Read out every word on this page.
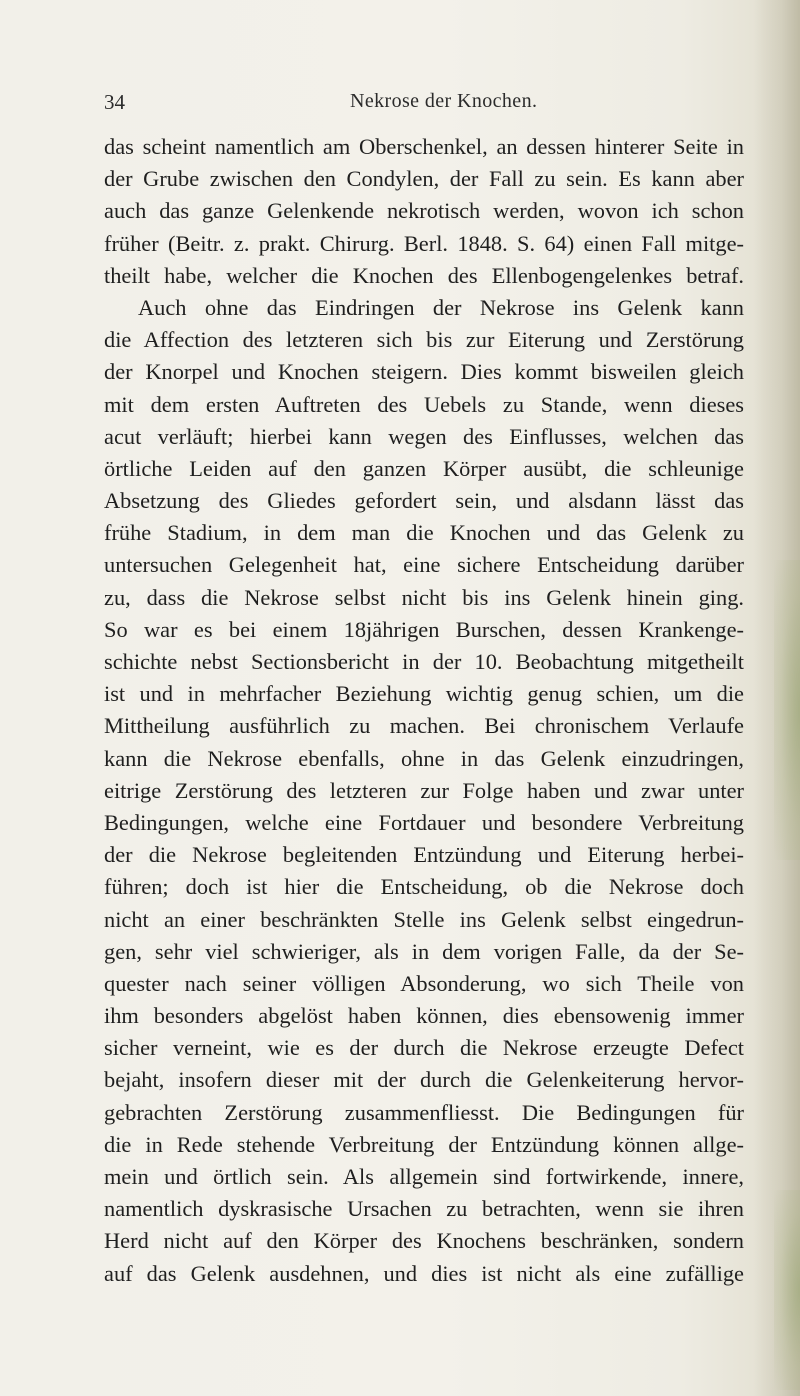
34	Nekrose der Knochen.
das scheint namentlich am Oberschenkel, an dessen hinterer Seite in
der Grube zwischen den Condylen, der Fall zu sein. Es kann aber
auch das ganze Gelenkende nekrotisch werden, wovon ich schon
früher (Beitr. z. prakt. Chirurg. Berl. 1848. S. 64) einen Fall mitge-
theilt habe, welcher die Knochen des Ellenbogengelenkes betraf.
Auch ohne das Eindringen der Nekrose ins Gelenk kann
die Affection des letzteren sich bis zur Eiterung und Zerstörung
der Knorpel und Knochen steigern. Dies kommt bisweilen gleich
mit dem ersten Auftreten des Uebels zu Stande, wenn dieses
acut verläuft; hierbei kann wegen des Einflusses, welchen das
örtliche Leiden auf den ganzen Körper ausübt, die schleunige
Absetzung des Gliedes gefordert sein, und alsdann lässt das
frühe Stadium, in dem man die Knochen und das Gelenk zu
untersuchen Gelegenheit hat, eine sichere Entscheidung darüber
zu, dass die Nekrose selbst nicht bis ins Gelenk hinein ging.
So war es bei einem 18jährigen Burschen, dessen Krankenge-
schichte nebst Sectionsbericht in der 10. Beobachtung mitgetheilt
ist und in mehrfacher Beziehung wichtig genug schien, um die
Mittheilung ausführlich zu machen. Bei chronischem Verlaufe
kann die Nekrose ebenfalls, ohne in das Gelenk einzudringen,
eitrige Zerstörung des letzteren zur Folge haben und zwar unter
Bedingungen, welche eine Fortdauer und besondere Verbreitung
der die Nekrose begleitenden Entzündung und Eiterung herbei-
führen; doch ist hier die Entscheidung, ob die Nekrose doch
nicht an einer beschränkten Stelle ins Gelenk selbst eingedrun-
gen, sehr viel schwieriger, als in dem vorigen Falle, da der Se-
quester nach seiner völligen Absonderung, wo sich Theile von
ihm besonders abgelöst haben können, dies ebensowenig immer
sicher verneint, wie es der durch die Nekrose erzeugte Defect
bejaht, insofern dieser mit der durch die Gelenkeiterung hervor-
gebrachten Zerstörung zusammenfliesst. Die Bedingungen für
die in Rede stehende Verbreitung der Entzündung können allge-
mein und örtlich sein. Als allgemein sind fortwirkende, innere,
namentlich dyskrasische Ursachen zu betrachten, wenn sie ihren
Herd nicht auf den Körper des Knochens beschränken, sondern
auf das Gelenk ausdehnen, und dies ist nicht als eine zufällige
